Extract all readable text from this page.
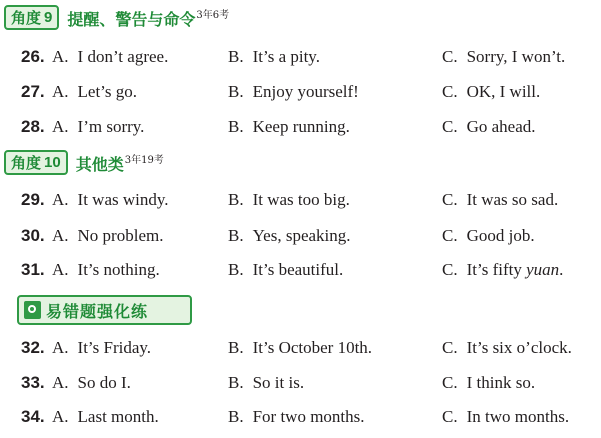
角度 9 提醒、警告与命令 3年6考
26. A. I don’t agree.	B. It’s a pity.	C. Sorry, I won’t.
27. A. Let’s go.	B. Enjoy yourself!	C. OK, I will.
28. A. I’m sorry.	B. Keep running.	C. Go ahead.
角度 10 其他类 3年19考
29. A. It was windy.	B. It was too big.	C. It was so sad.
30. A. No problem.	B. Yes, speaking.	C. Good job.
31. A. It’s nothing.	B. It’s beautiful.	C. It’s fifty yuan.
易错题强化练
32. A. It’s Friday.	B. It’s October 10th.	C. It’s six o’clock.
33. A. So do I.	B. So it is.	C. I think so.
34. A. Last month.	B. For two months.	C. In two months.
